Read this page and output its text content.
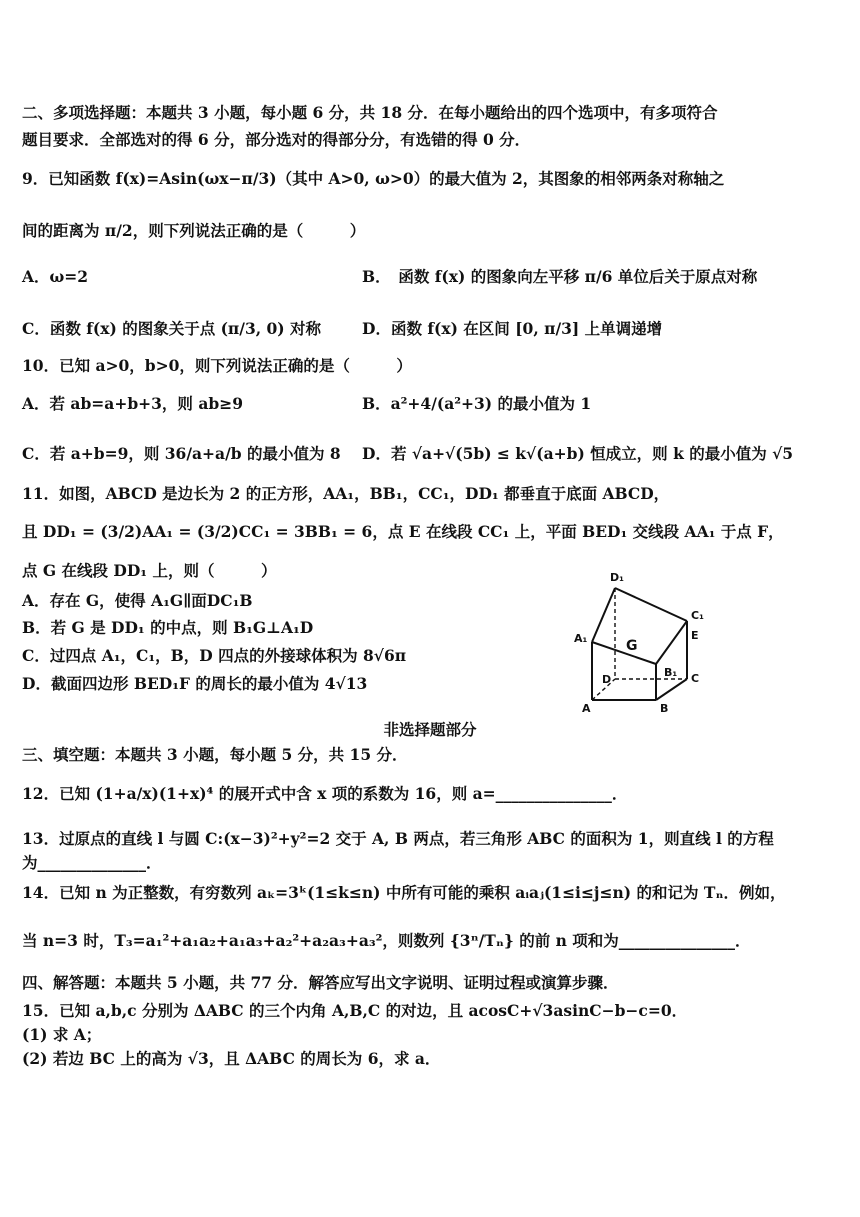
二、多项选择题：本题共 3 小题，每小题 6 分，共 18 分．在每小题给出的四个选项中，有多项符合
题目要求．全部选对的得 6 分，部分选对的得部分分，有选错的得 0 分．
9．已知函数 f(x)=Asin(ωx−π/3)（其中 A>0, ω>0）的最大值为 2，其图象的相邻两条对称轴之
间的距离为 π/2，则下列说法正确的是（　　　）
A．ω=2	B．　函数 f(x) 的图象向左平移 π/6 单位后关于原点对称
C．函数 f(x) 的图象关于点 (π/3, 0) 对称	D．函数 f(x) 在区间 [0, π/3] 上单调递增
10．已知 a>0，b>0，则下列说法正确的是（　　　）
A．若 ab=a+b+3，则 ab≥9	B．a²+4/(a²+3) 的最小值为 1
C．若 a+b=9，则 36/a+a/b 的最小值为 8 D．若 √a+√(5b) ≤ k√(a+b) 恒成立，则 k 的最小值为 √5
11．如图，ABCD 是边长为 2 的正方形，AA₁，BB₁，CC₁，DD₁ 都垂直于底面 ABCD，
且 DD₁ = (3/2)AA₁ = (3/2)CC₁ = 3BB₁ = 6，点 E 在线段 CC₁ 上，平面 BED₁ 交线段 AA₁ 于点 F，
点 G 在线段 DD₁ 上，则（　　　）
A．存在 G，使得 A₁G∥面DC₁B
B．若 G 是 DD₁ 的中点，则 B₁G⊥A₁D
C．过四点 A₁，C₁，B，D 四点的外接球体积为 8√6π
D．截面四边形 BED₁F 的周长的最小值为 4√13
D₁
C₁
E
A₁	G
B₁
D	C
A	B
非选择题部分
三、填空题：本题共 3 小题，每小题 5 分，共 15 分．
12．已知 (1+a/x)(1+x)⁴ 的展开式中含 x 项的系数为 16，则 a=_______________．
13．过原点的直线 l 与圆 C:(x−3)²+y²=2 交于 A, B 两点，若三角形 ABC 的面积为 1，则直线 l 的方程
为______________．
14．已知 n 为正整数，有穷数列 aₖ=3ᵏ(1≤k≤n) 中所有可能的乘积 aᵢaⱼ(1≤i≤j≤n) 的和记为 Tₙ．例如，
当 n=3 时，T₃=a₁²+a₁a₂+a₁a₃+a₂²+a₂a₃+a₃²，则数列 {3ⁿ/Tₙ} 的前 n 项和为_______________．
四、解答题：本题共 5 小题，共 77 分．解答应写出文字说明、证明过程或演算步骤．
15．已知 a,b,c 分别为 ΔABC 的三个内角 A,B,C 的对边，且 acosC+√3asinC−b−c=0．
(1) 求 A；
(2) 若边 BC 上的高为 √3，且 ΔABC 的周长为 6，求 a．
